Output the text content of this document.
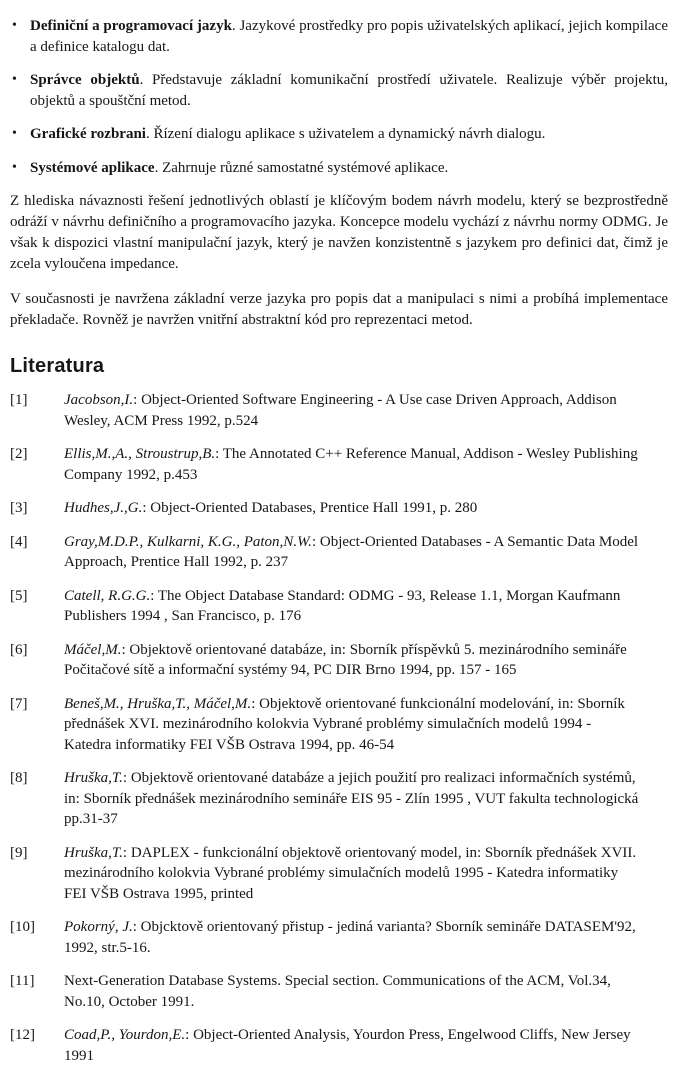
•
Definiční a programovací jazyk. Jazykové prostředky pro popis uživatelských aplikací, jejich kompilace a definice katalogu dat.
•
Správce objektů. Představuje základní komunikační prostředí uživatele. Realizuje výběr projektu, objektů a spouštční metod.
•
Grafické rozbrani. Řízení dialogu aplikace s uživatelem a dynamický návrh dialogu.
•
Systémové aplikace. Zahrnuje různé samostatné systémové aplikace.

Z hlediska návaznosti řešení jednotlivých oblastí je klíčovým bodem návrh modelu, který se bezprostředně odráží v návrhu definičního a programovacího jazyka. Koncepce modelu vychází z návrhu normy ODMG. Je však k dispozici vlastní manipulační jazyk, který je navžen konzistentně s jazykem pro definici dat, čimž je zcela vyloučena impedance.

V současnosti je navržena základní verze jazyka pro popis dat a manipulaci s nimi a probíhá implementace překladače. Rovněž je navržen vnitřní abstraktní kód pro reprezentaci metod.

Literatura
[1]	Jacobson,I.: Object-Oriented Software Engineering - A Use case Driven Approach, Addison Wesley, ACM Press 1992, p.524
[2]	Ellis,M.,A., Stroustrup,B.: The Annotated C++ Reference Manual, Addison - Wesley Publishing Company 1992, p.453
[3]	Hudhes,J.,G.: Object-Oriented Databases, Prentice Hall 1991, p. 280
[4]	Gray,M.D.P., Kulkarni, K.G., Paton,N.W.: Object-Oriented Databases - A Semantic Data Model Approach, Prentice Hall 1992, p. 237
[5]	Catell, R.G.G.: The Object Database Standard: ODMG - 93, Release 1.1, Morgan Kaufmann Publishers 1994 , San Francisco, p. 176
[6]	Máčel,M.: Objektově orientované databáze, in: Sborník příspěvků 5. mezinárodního semináře Počitačové sítě a informační systémy 94, PC DIR Brno 1994, pp. 157 - 165
[7]	Beneš,M., Hruška,T., Máčel,M.: Objektově orientované funkcionální modelování, in: Sborník přednášek XVI. mezinárodního kolokvia Vybrané problémy simulačních modelů 1994 - Katedra informatiky FEI VŠB Ostrava 1994, pp. 46-54
[8]	Hruška,T.: Objektově orientované databáze a jejich použití pro realizaci informačních systémů, in: Sborník přednášek mezinárodního semináře EIS 95 - Zlín 1995 , VUT fakulta technologická pp.31-37
[9]	Hruška,T.: DAPLEX - funkcionální objektově orientovaný model, in: Sborník přednášek XVII. mezinárodního kolokvia Vybrané problémy simulačních modelů 1995 - Katedra informatiky FEI VŠB Ostrava 1995, printed
[10]	Pokorný, J.: Objcktově orientovaný přistup - jediná varianta? Sborník semináře DATASEM'92, 1992, str.5-16.
[11]	Next-Generation Database Systems. Special section. Communications of the ACM, Vol.34, No.10, October 1991.
[12]	Coad,P., Yourdon,E.: Object-Oriented Analysis, Yourdon Press, Engelwood Cliffs, New Jersey 1991
